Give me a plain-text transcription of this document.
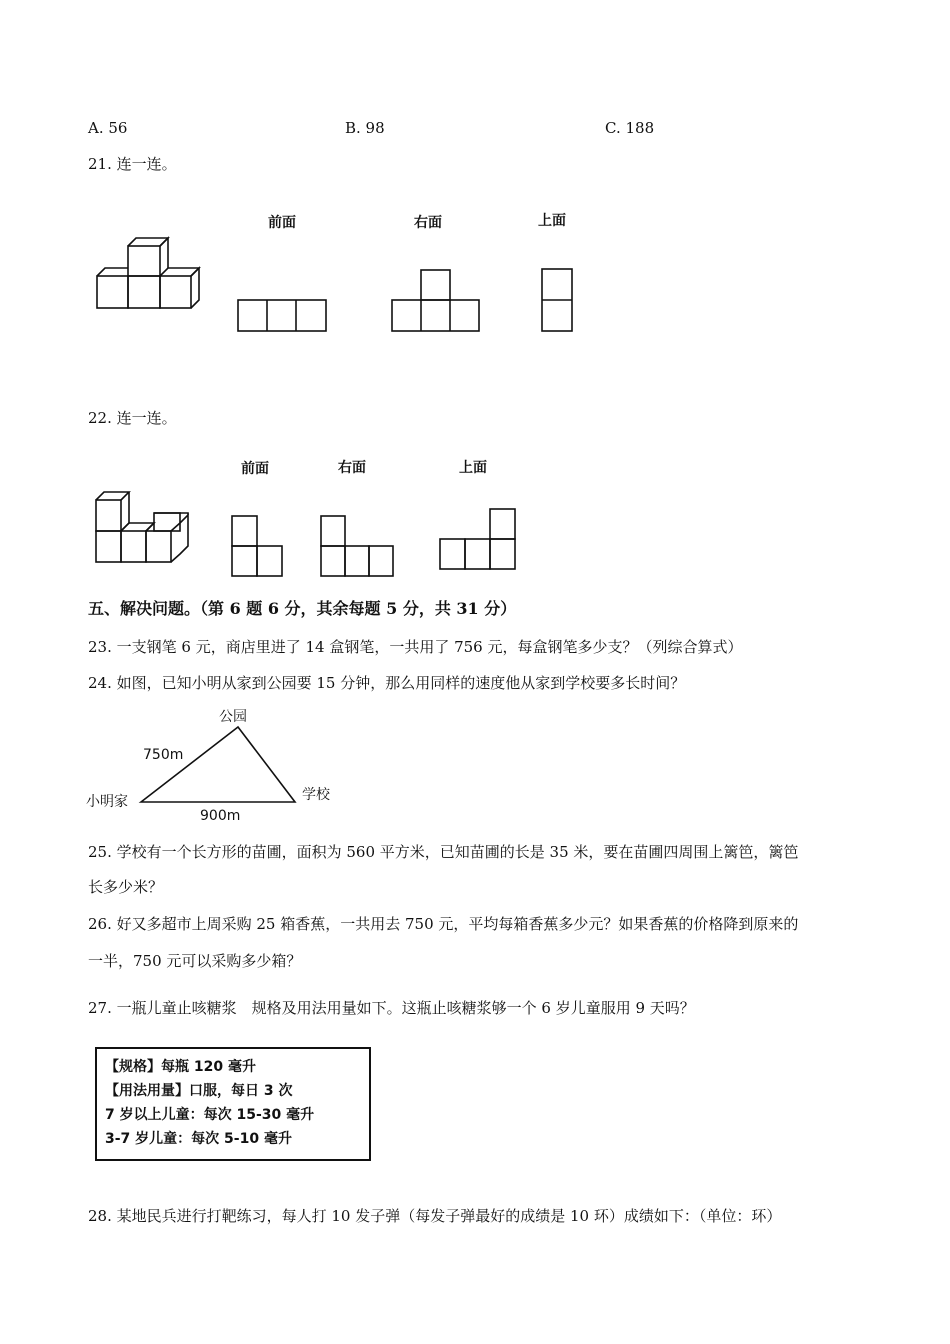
A. 56	B. 98	C. 188
21. 连一连。
前面	右面	上面
22. 连一连。
前面	右面	上面
五、解决问题。（第 6 题 6 分，其余每题 5 分，共 31 分）
23. 一支钢笔 6 元，商店里进了 14 盒钢笔，一共用了 756 元，每盒钢笔多少支？（列综合算式）
24. 如图，已知小明从家到公园要 15 分钟，那么用同样的速度他从家到学校要多长时间？
公园
小明家	学校
750m
900m
25. 学校有一个长方形的苗圃，面积为 560 平方米，已知苗圃的长是 35 米，要在苗圃四周围上篱笆，篱笆
长多少米？
26. 好又多超市上周采购 25 箱香蕉，一共用去 750 元，平均每箱香蕉多少元？如果香蕉的价格降到原来的
一半，750 元可以采购多少箱？
27. 一瓶儿童止咳糖浆　规格及用法用量如下。这瓶止咳糖浆够一个 6 岁儿童服用 9 天吗？
【规格】每瓶 120 毫升
【用法用量】口服，每日 3 次
7 岁以上儿童：每次 15-30 毫升
3-7 岁儿童：每次 5-10 毫升
28. 某地民兵进行打靶练习，每人打 10 发子弹（每发子弹最好的成绩是 10 环）成绩如下：（单位：环）
